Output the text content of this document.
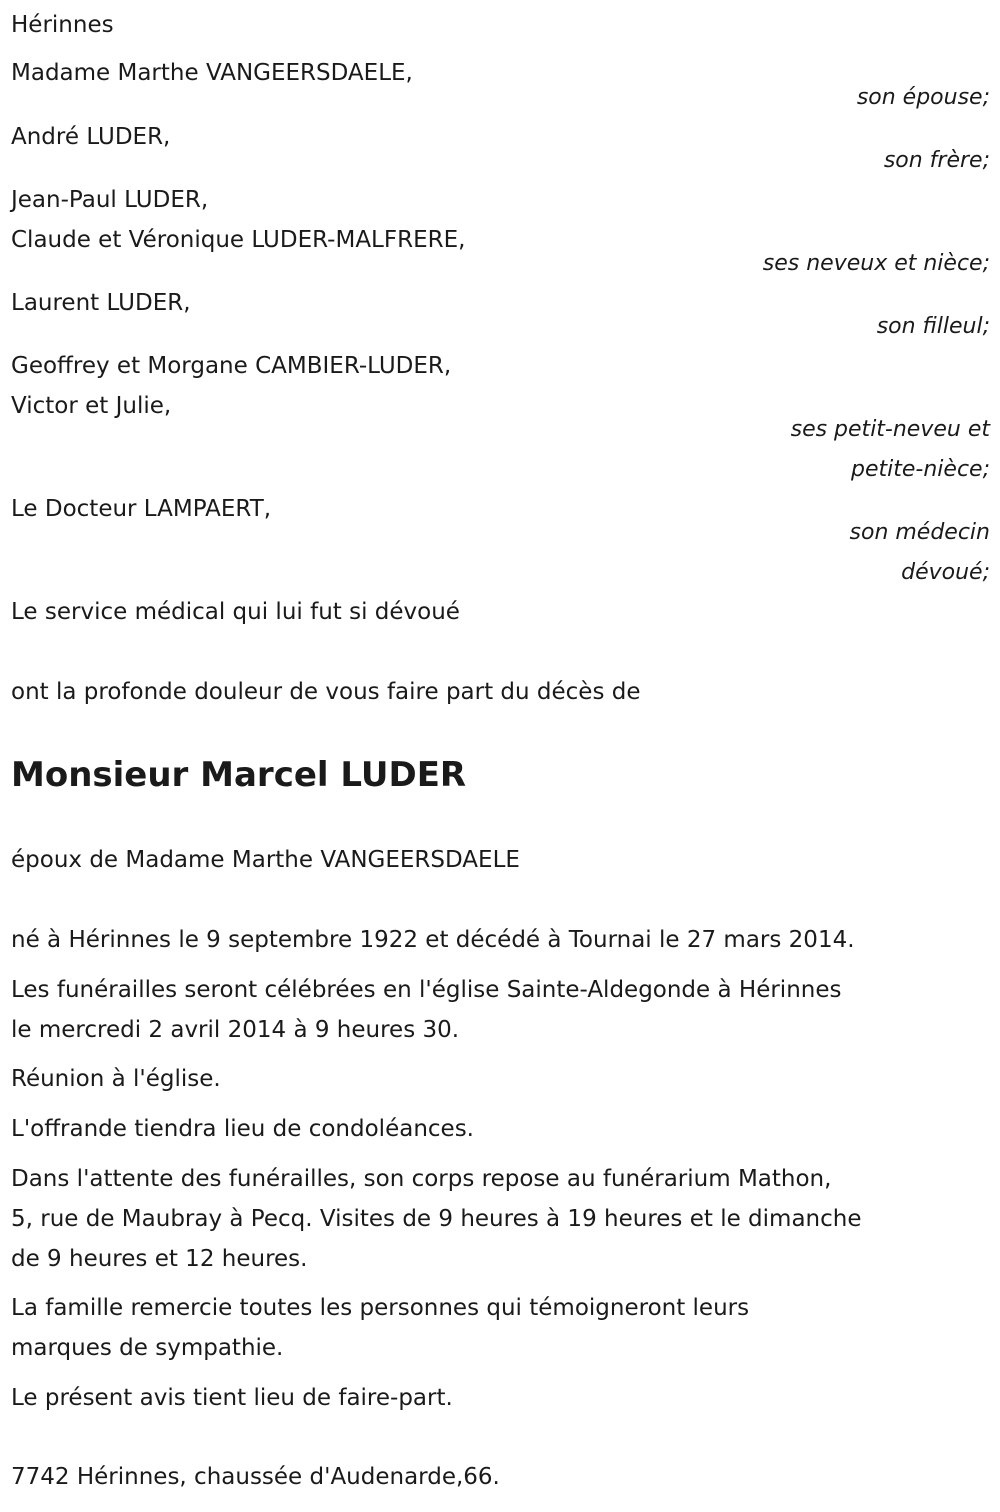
Hérinnes
Madame Marthe VANGEERSDAELE,
son épouse;
André LUDER,
son frère;
Jean-Paul LUDER,
Claude et Véronique LUDER-MALFRERE,
ses neveux et nièce;
Laurent LUDER,
son filleul;
Geoffrey et Morgane CAMBIER-LUDER,
Victor et Julie,
ses petit-neveu et
petite-nièce;
Le Docteur LAMPAERT,
son médecin
dévoué;
Le service médical qui lui fut si dévoué
ont la profonde douleur de vous faire part du décès de
Monsieur Marcel LUDER
époux de Madame Marthe VANGEERSDAELE
né à Hérinnes le 9 septembre 1922 et décédé à Tournai le 27 mars 2014.
Les funérailles seront célébrées en l'église Sainte-Aldegonde à Hérinnes
le mercredi 2 avril 2014 à 9 heures 30.
Réunion à l'église.
L'offrande tiendra lieu de condoléances.
Dans l'attente des funérailles, son corps repose au funérarium Mathon,
5, rue de Maubray à Pecq. Visites de 9 heures à 19 heures et le dimanche
de 9 heures et 12 heures.
La famille remercie toutes les personnes qui témoigneront leurs
marques de sympathie.
Le présent avis tient lieu de faire-part.
7742 Hérinnes, chaussée d'Audenarde,66.
